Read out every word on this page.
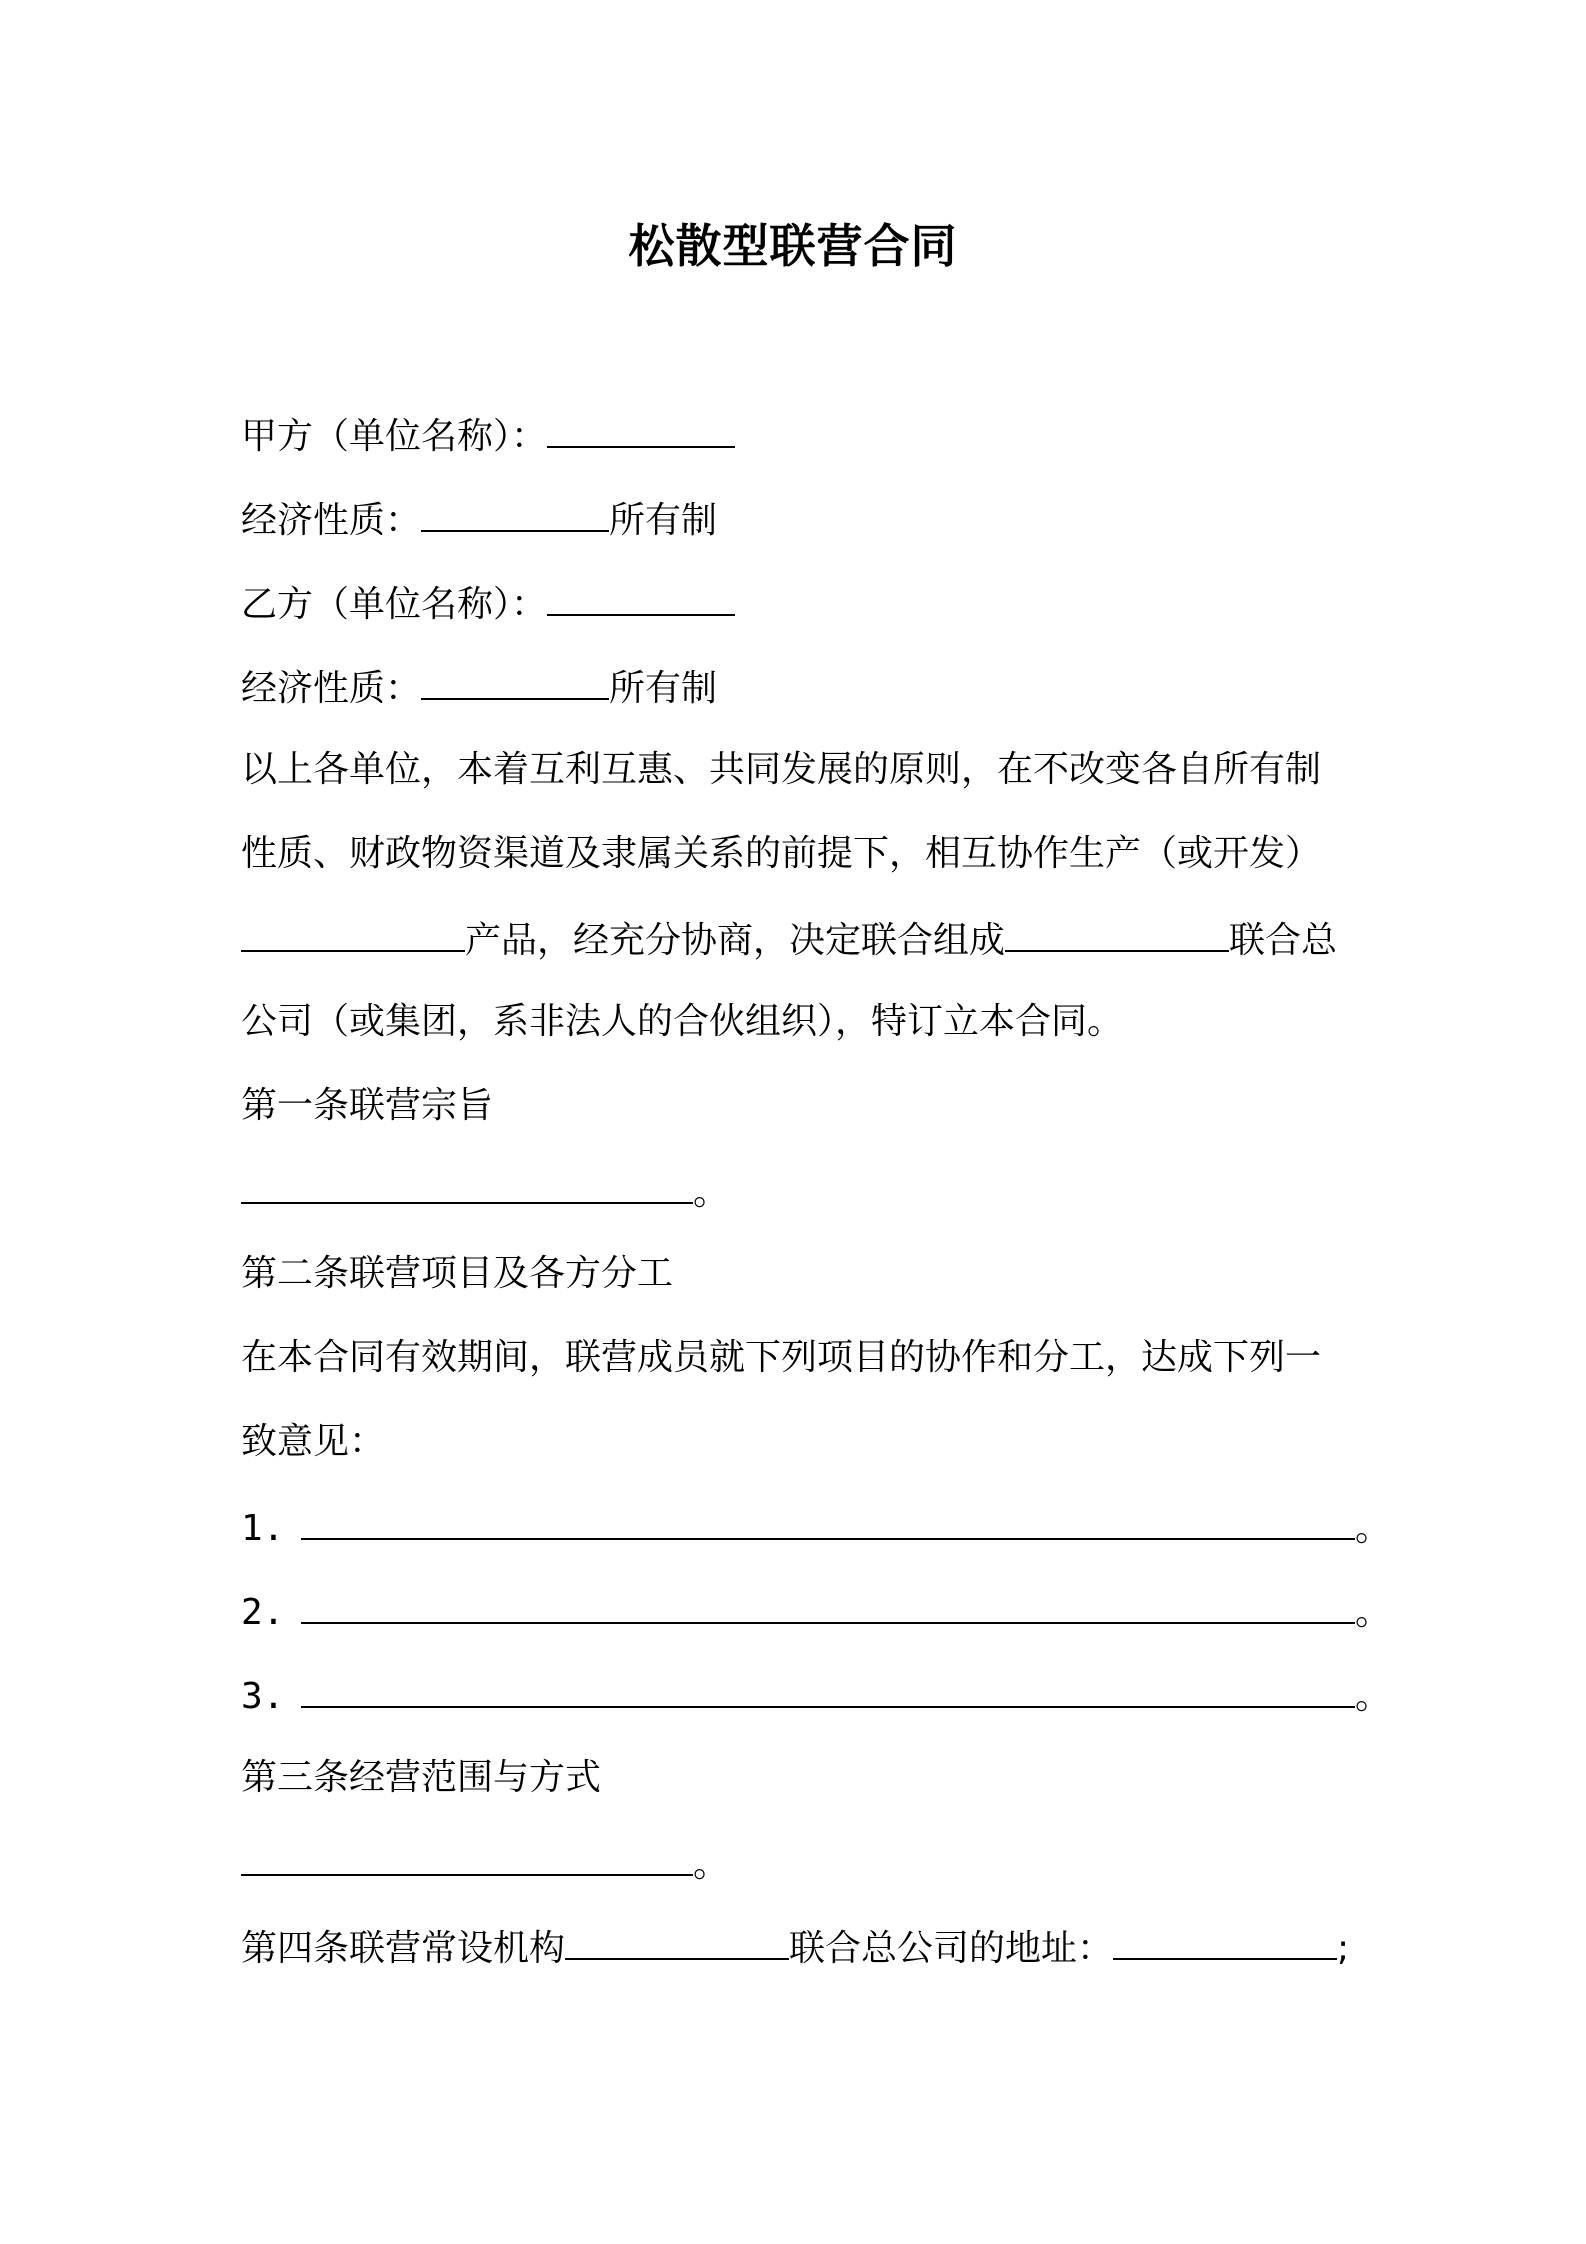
松散型联营合同
甲方（单位名称）：
经济性质：	所有制
乙方（单位名称）：
经济性质：	所有制
以上各单位，本着互利互惠、共同发展的原则，在不改变各自所有制
性质、财政物资渠道及隶属关系的前提下，相互协作生产（或开发）
产品，经充分协商，决定联合组成	联合总
公司（或集团，系非法人的合伙组织），特订立本合同。
第一条联营宗旨
。
第二条联营项目及各方分工
在本合同有效期间，联营成员就下列项目的协作和分工，达成下列一
致意见：
1.	。
2.	。
3.	。
第三条经营范围与方式
。
第四条联营常设机构	联合总公司的地址：	;
